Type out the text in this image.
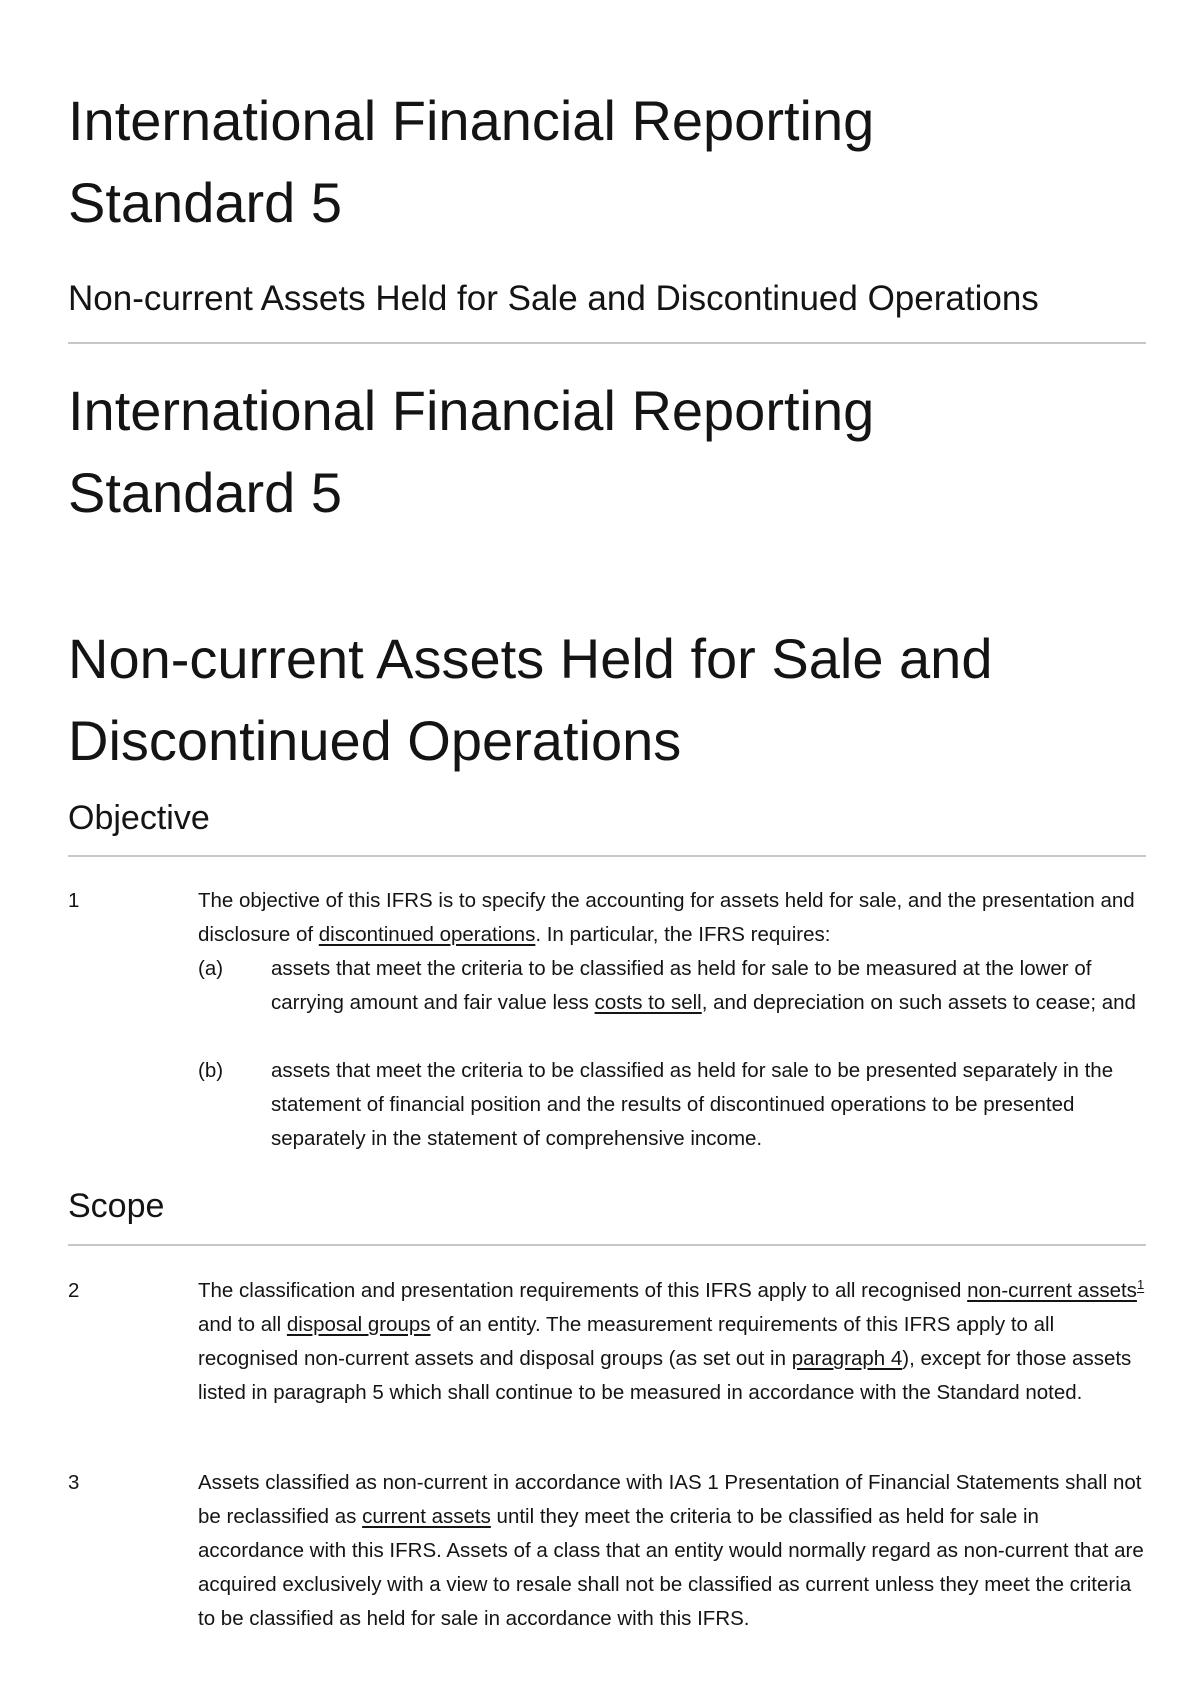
International Financial Reporting Standard 5
Non-current Assets Held for Sale and Discontinued Operations
International Financial Reporting Standard 5
Non-current Assets Held for Sale and Discontinued Operations
Objective
1	The objective of this IFRS is to specify the accounting for assets held for sale, and the presentation and disclosure of discontinued operations. In particular, the IFRS requires:

(a) assets that meet the criteria to be classified as held for sale to be measured at the lower of carrying amount and fair value less costs to sell, and depreciation on such assets to cease; and

(b) assets that meet the criteria to be classified as held for sale to be presented separately in the statement of financial position and the results of discontinued operations to be presented separately in the statement of comprehensive income.

Scope
2	The classification and presentation requirements of this IFRS apply to all recognised non-current assets$^1$ and to all disposal groups of an entity. The measurement requirements of this IFRS apply to all recognised non-current assets and disposal groups (as set out in paragraph 4), except for those assets listed in paragraph 5 which shall continue to be measured in accordance with the Standard noted.

3	Assets classified as non-current in accordance with IAS 1 Presentation of Financial Statements shall not be reclassified as current assets until they meet the criteria to be classified as held for sale in accordance with this IFRS. Assets of a class that an entity would normally regard as non-current that are acquired exclusively with a view to resale shall not be classified as current unless they meet the criteria to be classified as held for sale in accordance with this IFRS.
